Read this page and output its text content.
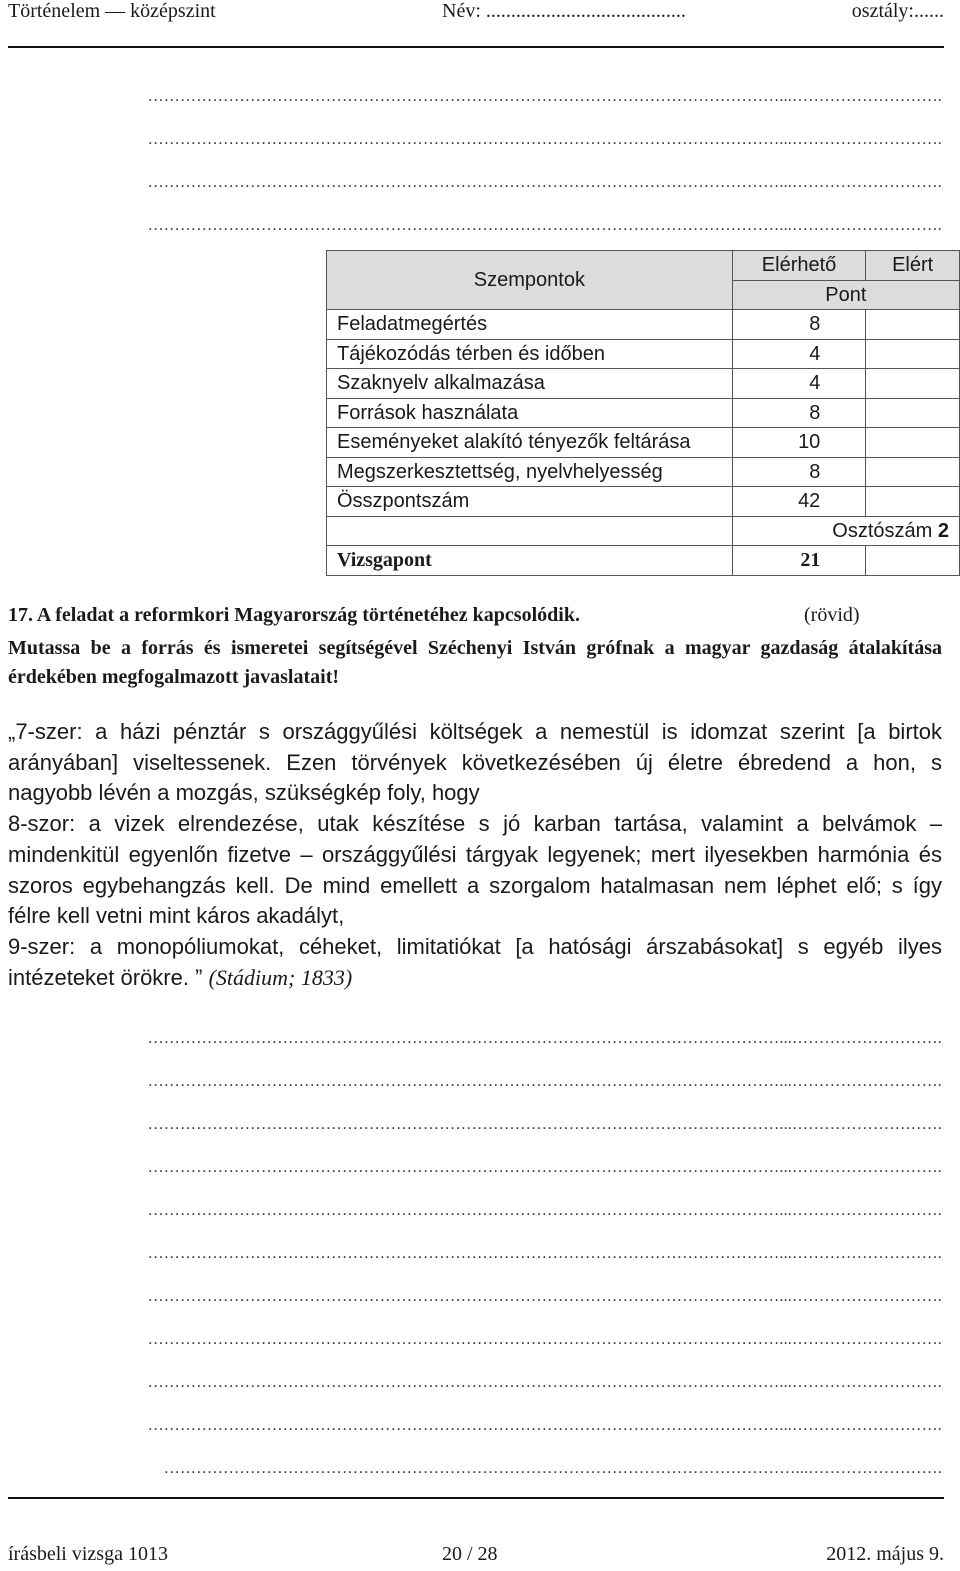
Történelem — középszint	Név: ........................................	osztály:......
………………………………………………………………………………………………………...……………………….
………………………………………………………………………………………………………...……………………….
………………………………………………………………………………………………………...……………………….
………………………………………………………………………………………………………...……………………….
Szempontok	Elérhető	Elért
	Pont	
Feladatmegértés	8	
Tájékozódás térben és időben	4	
Szaknyelv alkalmazása	4	
Források használata	8	
Eseményeket alakító tényezők feltárása	10	
Megszerkesztettség, nyelvhelyesség	8	
Összpontszám	42	
	Osztószám 2	
Vizsgapont	21	
17. A feladat a reformkori Magyarország történetéhez kapcsolódik.	(rövid)
Mutassa be a forrás és ismeretei segítségével Széchenyi István grófnak a magyar gazdaság átalakítása érdekében megfogalmazott javaslatait!

„7-szer: a házi pénztár s országgyűlési költségek a nemestül is idomzat szerint [a birtok arányában] viseltessenek. Ezen törvények következésében új életre ébredend a hon, s nagyobb lévén a mozgás, szükségkép foly, hogy

8-szor: a vizek elrendezése, utak készítése s jó karban tartása, valamint a belvámok – mindenkitül egyenlőn fizetve – országgyűlési tárgyak legyenek; mert ilyesekben harmónia és szoros egybehangzás kell. De mind emellett a szorgalom hatalmasan nem léphet elő; s így félre kell vetni mint káros akadályt,

9-szer: a monopóliumokat, céheket, limitatiókat [a hatósági árszabásokat] s egyéb ilyes intézeteket örökre. ” (Stádium; 1833)

………………………………………………………………………………………………………...……………………….
………………………………………………………………………………………………………...……………………….
………………………………………………………………………………………………………...……………………….
………………………………………………………………………………………………………...……………………….
………………………………………………………………………………………………………...……………………….
………………………………………………………………………………………………………...……………………….
………………………………………………………………………………………………………...……………………….
………………………………………………………………………………………………………...……………………….
………………………………………………………………………………………………………...……………………….
………………………………………………………………………………………………………...……………………….
………………………………………………………………………………………………………...…………………….
írásbeli vizsga 1013	20 / 28	2012. május 9.
